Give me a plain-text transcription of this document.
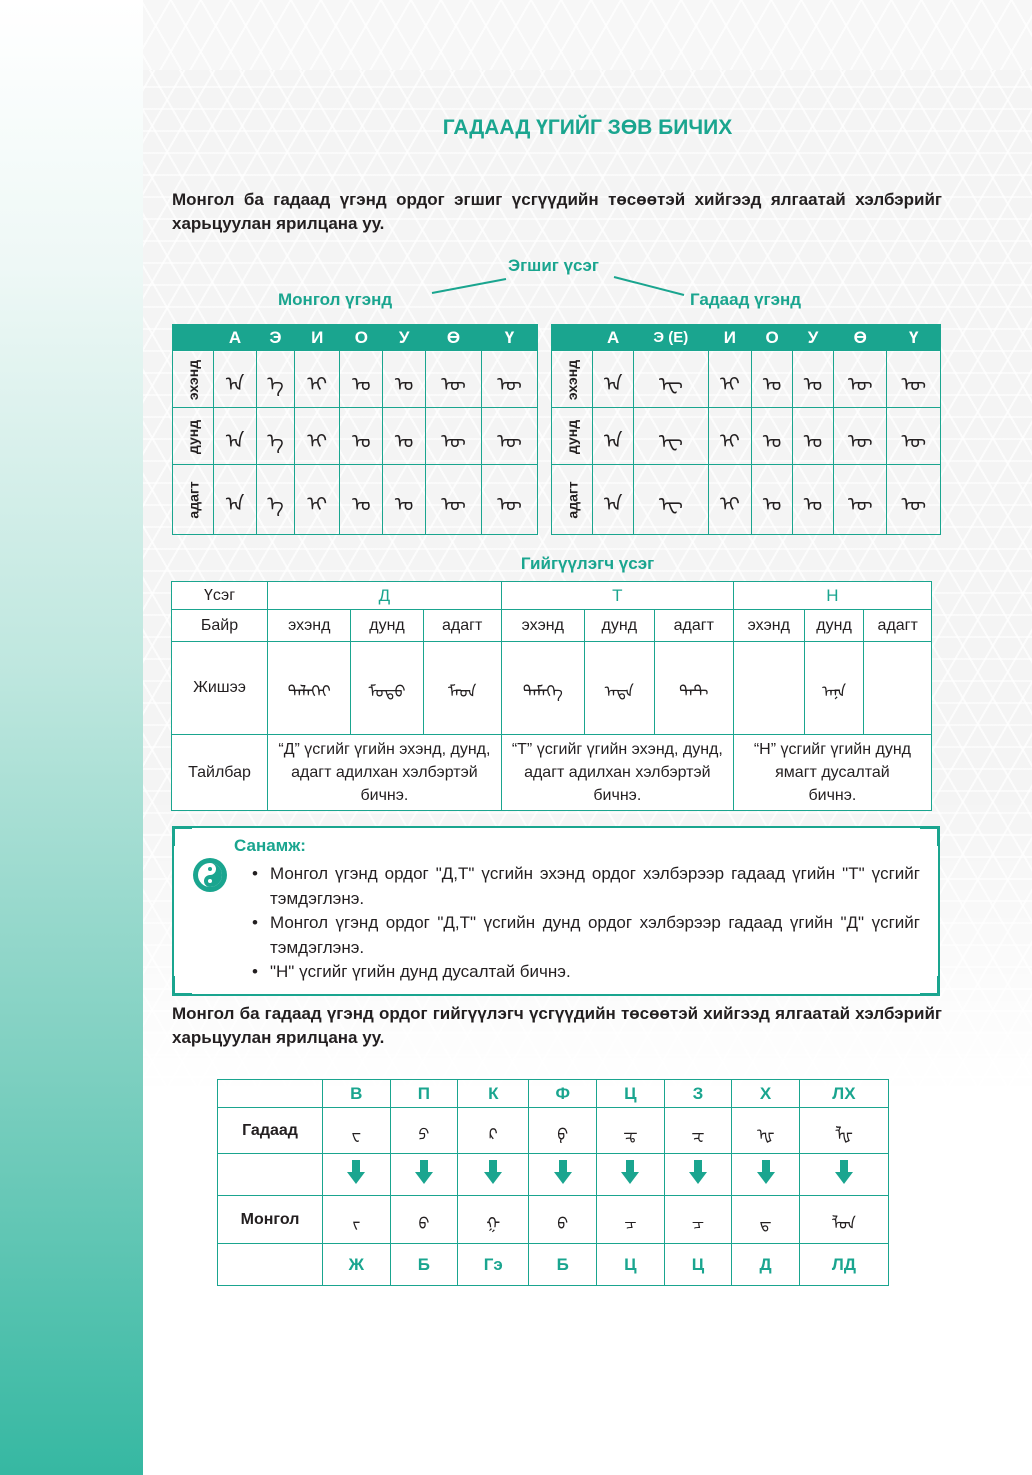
ГАДААД ҮГИЙГ ЗӨВ БИЧИХ
Монгол ба гадаад үгэнд ордог эгшиг үсгүүдийн төсөөтэй хийгээд ялгаатай хэлбэрийг харьцуулан ярилцана уу.
Эгшиг үсэг
Монгол үгэнд	Гадаад үгэнд
	А	Э	И	О	У	Ө	Ү
эхэнд	ᠠ	ᠡ	ᠢ	ᠣ	ᠤ	ᠥ	ᠦ
дунд	ᠠ	ᠡ	ᠢ	ᠣ	ᠤ	ᠥ	ᠦ
адагт	ᠠ	ᠡ	ᠢ	ᠣ	ᠤ	ᠥ	ᠦ
	А	Э (Е)	И	О	У	Ө	Ү
эхэнд	ᠠ	ᠧ	ᠢ	ᠣ	ᠤ	ᠥ	ᠦ
дунд	ᠠ	ᠧ	ᠢ	ᠣ	ᠤ	ᠥ	ᠦ
адагт	ᠠ	ᠧ	ᠢ	ᠣ	ᠤ	ᠥ	ᠦ
Гийгүүлэгч үсэг
Үсэг	Д			Т			Н		
Байр	эхэнд	дунд	адагт	эхэнд	дунд	адагт	эхэнд	дунд	адагт
Жишээ	ᠳᠡᠯᠡᠬᠡᠢ	ᠮᠣᠳᠣ	ᠮᠠᠳ	ᠲᠡᠮᠡᠭᠡ	ᠠᠲᠠ	ᠲᠠᠲ		ᠠᠨᠠ	
Тайлбар	“Д” үсгийг үгийн эхэнд, дунд, адагт адилхан хэлбэртэй бичнэ.			“Т” үсгийг үгийн эхэнд, дунд, адагт адилхан хэлбэртэй бичнэ.			“Н” үсгийг үгийн дунд ямагт дусалтай бичнэ.		
Санамж:
• Монгол үгэнд ордог "Д,Т" үсгийн эхэнд ордог хэлбэрээр гадаад үгийн "Т" үсгийг тэмдэглэнэ.
• Монгол үгэнд ордог "Д,Т" үсгийн дунд ордог хэлбэрээр гадаад үгийн "Д" үсгийг тэмдэглэнэ.
• "Н" үсгийг үгийн дунд дусалтай бичнэ.
Монгол ба гадаад үгэнд ордог гийгүүлэгч үсгүүдийн төсөөтэй хийгээд ялгаатай хэлбэрийг харьцуулан ярилцана уу.
	В	П	К	Ф	Ц	З	Х	ЛХ
Гадаад	ᠸ	ᠫ	ᠺ	ᠹ	ᠼ	ᠽ	ᠾ	ᡀ

Монгол	ᠵ	ᠪ	ᠭ	ᠪ	ᠴ	ᠴ	ᠳ	ᠯᠳ
	Ж	Б	Гэ	Б	Ц	Ц	Д	ЛД
